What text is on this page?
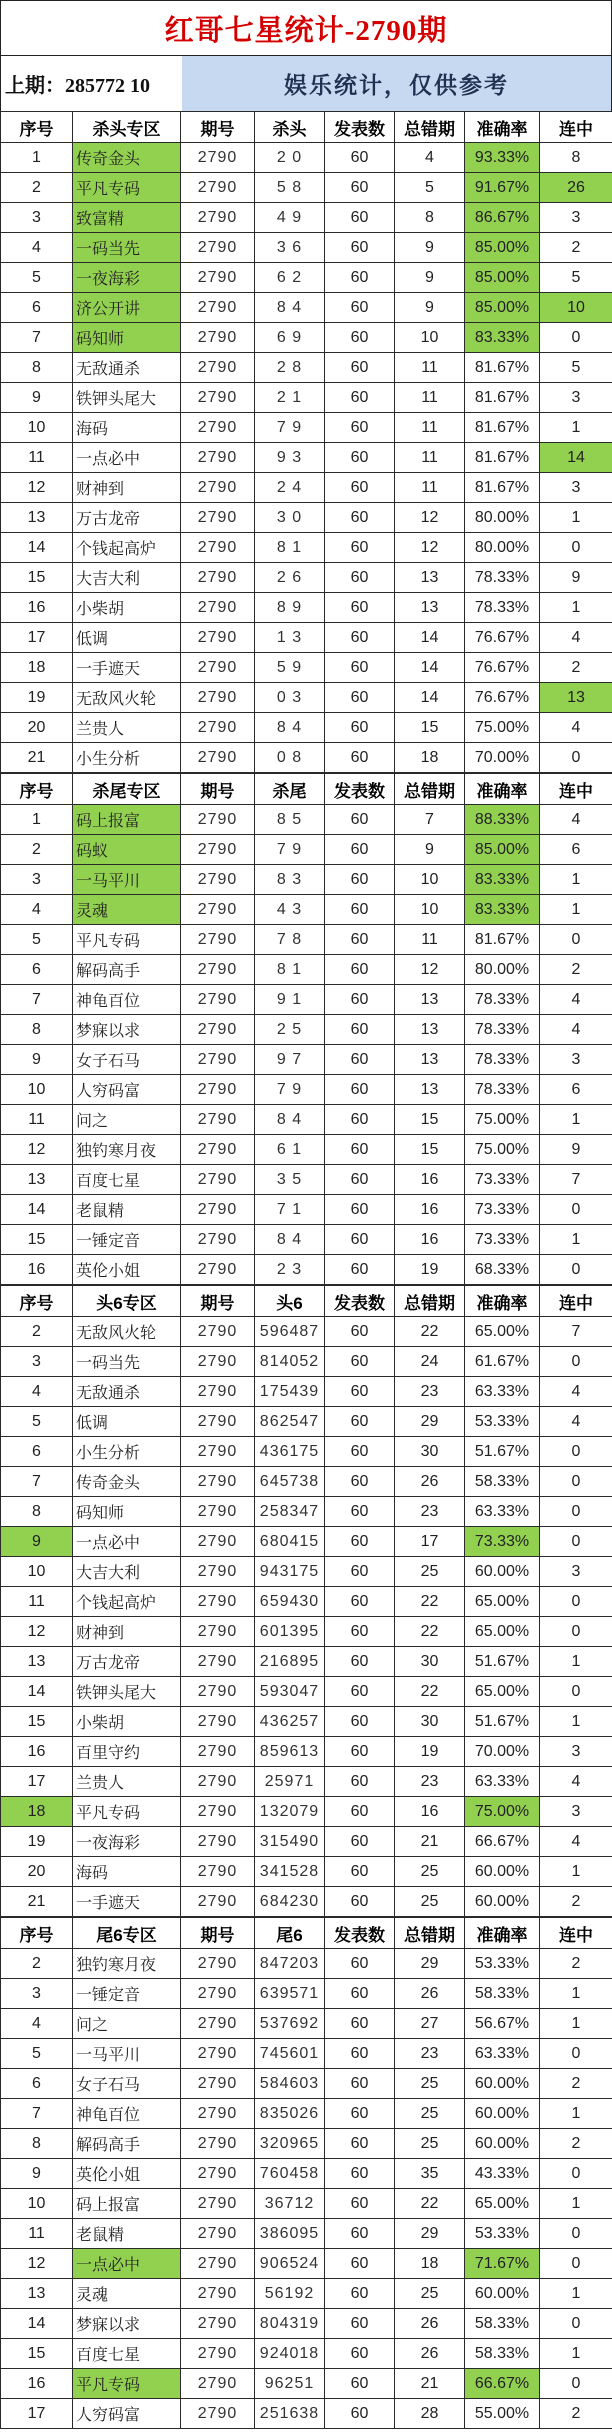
红哥七星统计-2790期
上期：285772 10	娱乐统计，仅供参考
序号	杀头专区	期号	杀头	发表数	总错期	准确率	连中
1	传奇金头	2790	2 0	60	4	93.33%	8
2	平凡专码	2790	5 8	60	5	91.67%	26
3	致富精	2790	4 9	60	8	86.67%	3
4	一码当先	2790	3 6	60	9	85.00%	2
5	一夜海彩	2790	6 2	60	9	85.00%	5
6	济公开讲	2790	8 4	60	9	85.00%	10
7	码知师	2790	6 9	60	10	83.33%	0
8	无敌通杀	2790	2 8	60	11	81.67%	5
9	铁钾头尾大	2790	2 1	60	11	81.67%	3
10	海码	2790	7 9	60	11	81.67%	1
11	一点必中	2790	9 3	60	11	81.67%	14
12	财神到	2790	2 4	60	11	81.67%	3
13	万古龙帝	2790	3 0	60	12	80.00%	1
14	个钱起高炉	2790	8 1	60	12	80.00%	0
15	大吉大利	2790	2 6	60	13	78.33%	9
16	小柴胡	2790	8 9	60	13	78.33%	1
17	低调	2790	1 3	60	14	76.67%	4
18	一手遮天	2790	5 9	60	14	76.67%	2
19	无敌风火轮	2790	0 3	60	14	76.67%	13
20	兰贵人	2790	8 4	60	15	75.00%	4
21	小生分析	2790	0 8	60	18	70.00%	0
序号	杀尾专区	期号	杀尾	发表数	总错期	准确率	连中
1	码上报富	2790	8 5	60	7	88.33%	4
2	码蚁	2790	7 9	60	9	85.00%	6
3	一马平川	2790	8 3	60	10	83.33%	1
4	灵魂	2790	4 3	60	10	83.33%	1
5	平凡专码	2790	7 8	60	11	81.67%	0
6	解码高手	2790	8 1	60	12	80.00%	2
7	神龟百位	2790	9 1	60	13	78.33%	4
8	梦寐以求	2790	2 5	60	13	78.33%	4
9	女子石马	2790	9 7	60	13	78.33%	3
10	人穷码富	2790	7 9	60	13	78.33%	6
11	问之	2790	8 4	60	15	75.00%	1
12	独钓寒月夜	2790	6 1	60	15	75.00%	9
13	百度七星	2790	3 5	60	16	73.33%	7
14	老鼠精	2790	7 1	60	16	73.33%	0
15	一锤定音	2790	8 4	60	16	73.33%	1
16	英伦小姐	2790	2 3	60	19	68.33%	0
序号	头6专区	期号	头6	发表数	总错期	准确率	连中
2	无敌风火轮	2790	596487	60	22	65.00%	7
3	一码当先	2790	814052	60	24	61.67%	0
4	无敌通杀	2790	175439	60	23	63.33%	4
5	低调	2790	862547	60	29	53.33%	4
6	小生分析	2790	436175	60	30	51.67%	0
7	传奇金头	2790	645738	60	26	58.33%	0
8	码知师	2790	258347	60	23	63.33%	0
9	一点必中	2790	680415	60	17	73.33%	0
10	大吉大利	2790	943175	60	25	60.00%	3
11	个钱起高炉	2790	659430	60	22	65.00%	0
12	财神到	2790	601395	60	22	65.00%	0
13	万古龙帝	2790	216895	60	30	51.67%	1
14	铁钾头尾大	2790	593047	60	22	65.00%	0
15	小柴胡	2790	436257	60	30	51.67%	1
16	百里守约	2790	859613	60	19	70.00%	3
17	兰贵人	2790	25971	60	23	63.33%	4
18	平凡专码	2790	132079	60	16	75.00%	3
19	一夜海彩	2790	315490	60	21	66.67%	4
20	海码	2790	341528	60	25	60.00%	1
21	一手遮天	2790	684230	60	25	60.00%	2
序号	尾6专区	期号	尾6	发表数	总错期	准确率	连中
2	独钓寒月夜	2790	847203	60	29	53.33%	2
3	一锤定音	2790	639571	60	26	58.33%	1
4	问之	2790	537692	60	27	56.67%	1
5	一马平川	2790	745601	60	23	63.33%	0
6	女子石马	2790	584603	60	25	60.00%	2
7	神龟百位	2790	835026	60	25	60.00%	1
8	解码高手	2790	320965	60	25	60.00%	2
9	英伦小姐	2790	760458	60	35	43.33%	0
10	码上报富	2790	36712	60	22	65.00%	1
11	老鼠精	2790	386095	60	29	53.33%	0
12	一点必中	2790	906524	60	18	71.67%	0
13	灵魂	2790	56192	60	25	60.00%	1
14	梦寐以求	2790	804319	60	26	58.33%	0
15	百度七星	2790	924018	60	26	58.33%	1
16	平凡专码	2790	96251	60	21	66.67%	0
17	人穷码富	2790	251638	60	28	55.00%	2
